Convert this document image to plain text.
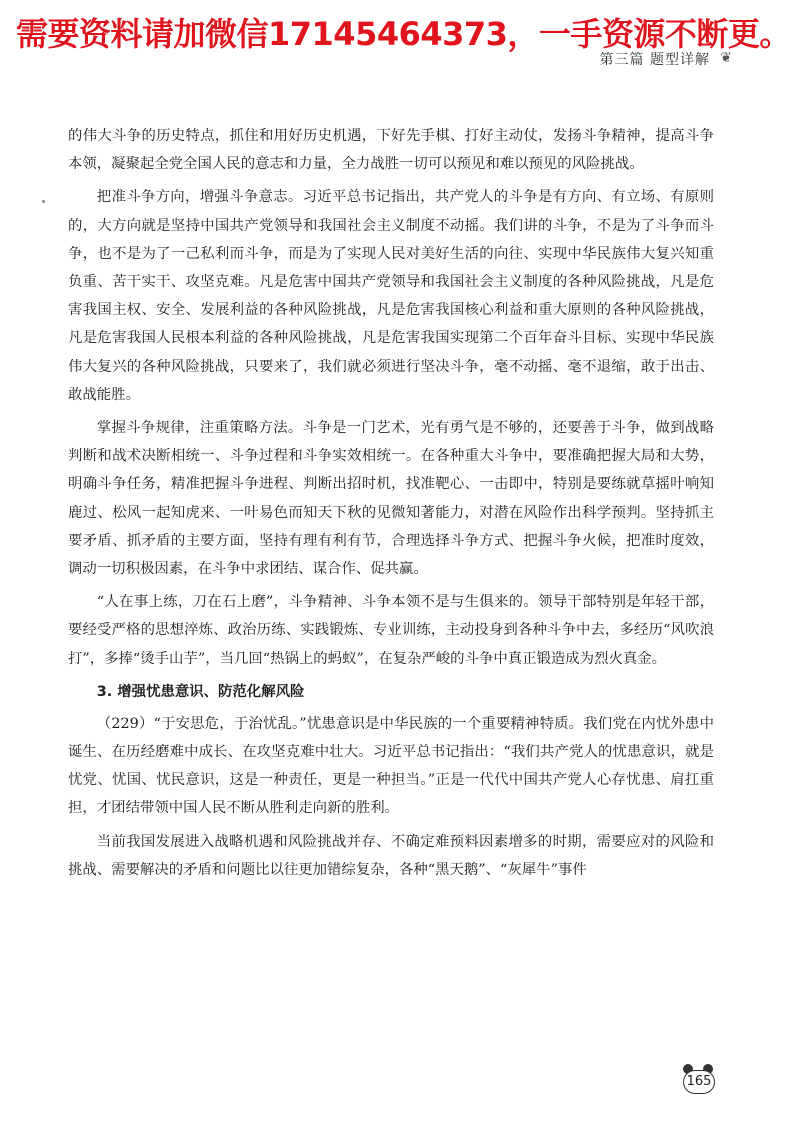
需要资料请加微信17145464373，一手资源不断更。
第三篇 题型详解 ❦

的伟大斗争的历史特点，抓住和用好历史机遇，下好先手棋、打好主动仗，发扬斗争精神，提高斗争本领，凝聚起全党全国人民的意志和力量，全力战胜一切可以预见和难以预见的风险挑战。

把准斗争方向，增强斗争意志。习近平总书记指出，共产党人的斗争是有方向、有立场、有原则的，大方向就是坚持中国共产党领导和我国社会主义制度不动摇。我们讲的斗争，不是为了斗争而斗争，也不是为了一己私利而斗争，而是为了实现人民对美好生活的向往、实现中华民族伟大复兴知重负重、苦干实干、攻坚克难。凡是危害中国共产党领导和我国社会主义制度的各种风险挑战，凡是危害我国主权、安全、发展利益的各种风险挑战，凡是危害我国核心利益和重大原则的各种风险挑战，凡是危害我国人民根本利益的各种风险挑战，凡是危害我国实现第二个百年奋斗目标、实现中华民族伟大复兴的各种风险挑战，只要来了，我们就必须进行坚决斗争，毫不动摇、毫不退缩，敢于出击、敢战能胜。

掌握斗争规律，注重策略方法。斗争是一门艺术，光有勇气是不够的，还要善于斗争，做到战略判断和战术决断相统一、斗争过程和斗争实效相统一。在各种重大斗争中，要准确把握大局和大势，明确斗争任务，精准把握斗争进程、判断出招时机，找准靶心、一击即中，特别是要练就草摇叶响知鹿过、松风一起知虎来、一叶易色而知天下秋的见微知著能力，对潜在风险作出科学预判。坚持抓主要矛盾、抓矛盾的主要方面，坚持有理有利有节，合理选择斗争方式、把握斗争火候，把准时度效，调动一切积极因素，在斗争中求团结、谋合作、促共赢。

“人在事上练，刀在石上磨”，斗争精神、斗争本领不是与生俱来的。领导干部特别是年轻干部，要经受严格的思想淬炼、政治历练、实践锻炼、专业训练，主动投身到各种斗争中去，多经历“风吹浪打”，多捧“烫手山芋”，当几回“热锅上的蚂蚁”，在复杂严峻的斗争中真正锻造成为烈火真金。

3. 增强忧患意识、防范化解风险

（229）“于安思危，于治忧乱。”忧患意识是中华民族的一个重要精神特质。我们党在内忧外患中诞生、在历经磨难中成长、在攻坚克难中壮大。习近平总书记指出：“我们共产党人的忧患意识，就是忧党、忧国、忧民意识，这是一种责任，更是一种担当。”正是一代代中国共产党人心存忧患、肩扛重担，才团结带领中国人民不断从胜利走向新的胜利。

当前我国发展进入战略机遇和风险挑战并存、不确定难预料因素增多的时期，需要应对的风险和挑战、需要解决的矛盾和问题比以往更加错综复杂，各种“黑天鹅”、“灰犀牛”事件

165
